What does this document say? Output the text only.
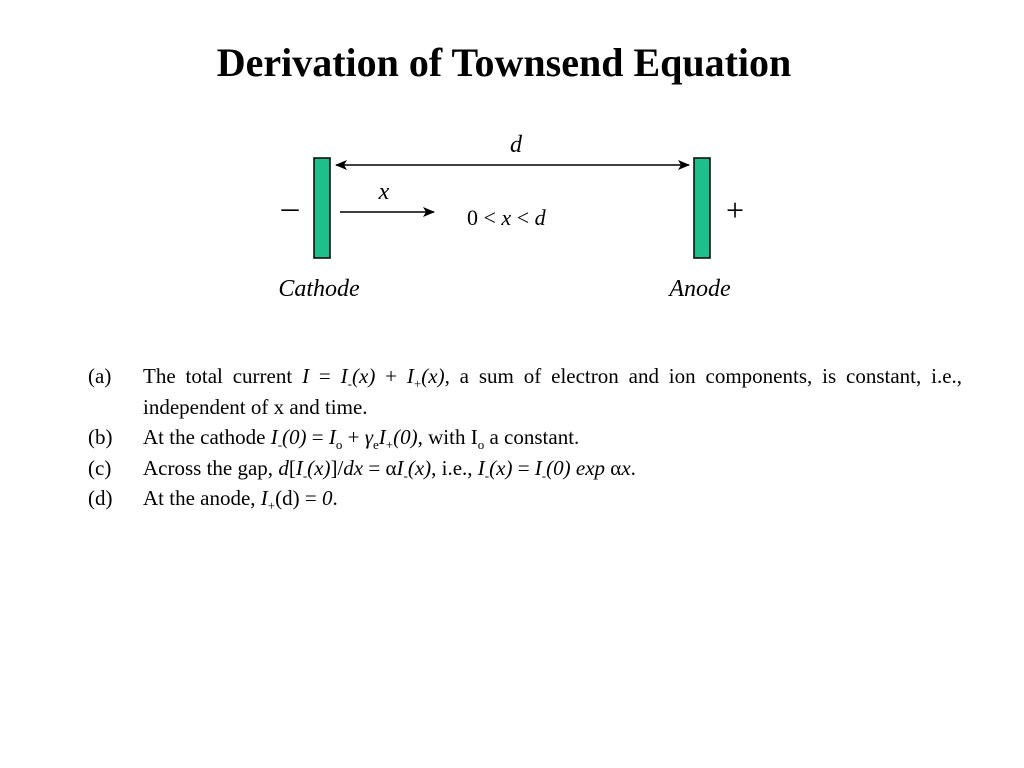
Derivation of Townsend Equation
d
x
0 < x < d
–	+
Cathode	Anode
(a)	The total current $I = I_-(x) + I_+(x)$, a sum of electron and ion components, is constant, i.e., independent of x and time.
(b)	At the cathode $I_-(0) = I_o + \gamma_eI_+(0)$, with $I_o$ a constant.
(c)	Across the gap, $d[I_-(x)]/dx = \alpha I_-(x)$, i.e., $I_-(x) = I_-(0)$ exp αx.
(d)	At the anode, $I_+(d) = 0$.
